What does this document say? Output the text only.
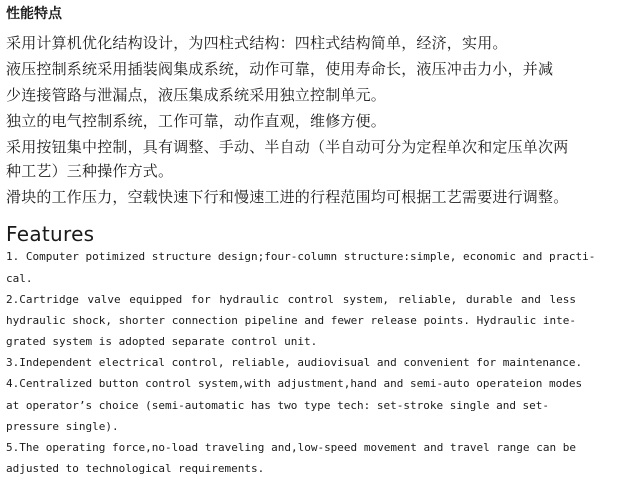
性能特点
采用计算机优化结构设计，为四柱式结构：四柱式结构简单，经济，实用。
液压控制系统采用插装阀集成系统，动作可靠，使用寿命长，液压冲击力小，并减
少连接管路与泄漏点，液压集成系统采用独立控制单元。
独立的电气控制系统，工作可靠，动作直观，维修方便。
采用按钮集中控制，具有调整、手动、半自动（半自动可分为定程单次和定压单次两
种工艺）三种操作方式。
滑块的工作压力，空载快速下行和慢速工进的行程范围均可根据工艺需要进行调整。
Features
1. Computer potimized structure design;four-column structure:simple, economic and practi-
cal.
2.Cartridge valve equipped for hydraulic control system, reliable, durable and less
hydraulic shock, shorter connection pipeline and fewer release points. Hydraulic inte-
grated system is adopted separate control unit.
3.Independent electrical control, reliable, audiovisual and convenient for maintenance.
4.Centralized button control system,with adjustment,hand and semi-auto operateion modes
at operator’s choice (semi-automatic has two type tech: set-stroke single and set-
pressure single).
5.The operating force,no-load traveling and,low-speed movement and travel range can be
adjusted to technological requirements.
